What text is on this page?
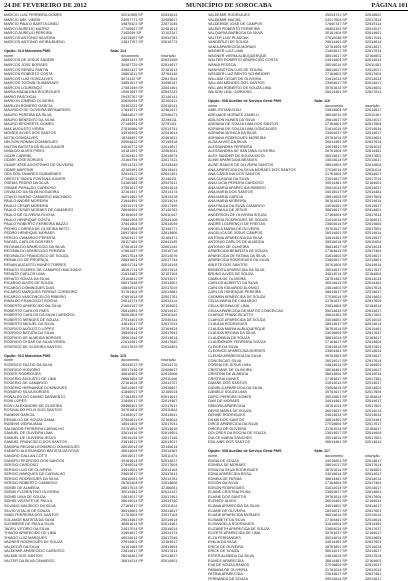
24 DE FEVEREIRO DE 2012	MUNICÍPIO DE SOROCABA	PÁGINA 101
MARCIO LUIZ FERREIRA GOMES	30211965 SP	52634614
MARCIO MEL VIEIRA	24097771 SP	32089817
MARCIO PAULO BARTOLOMEU	19876421 SP	22871045
MARCO AURELIO MATRIZ	17760547 SP	32481614
MARCO AURELIO PEREIRA	7182049 SP	32102147
MARCOS ANTONIO SILVEIRA	24015497 SP	52634781
MARCOS ANTONIO VIEIRA BUENO	13817767 SP	32618774
Opção: 013 Motorista PMS	Sala: 114
nome	documento	inscrição
MARCOS DE JESUS SANDRI	28891447 SP	52631456
MARCOS JOSE BORGES	30467725 SP	52614617
MARCOS RENEU FANTIN	33851437 SP	32161614
MARCOS ROBERTO COSTA	16801611 SP	32764149
MARCOS LUIZ GONCALVES	3074142 SP	32617614
MARCOS TOGNIN GUIMARAES	29851617 SP	32098147
MARCOS LOURENÇO	17081449 SP	32641461
MARIA MADALENA RODRIGUES	19061697 SP	52647223
MARIO PASCHOAL	29432767 SP	32146141
MARLON GIMENO OLIVEIRA	30626494 SP	32100411
MARLON ROMERO GARCIA	39461221 SP	52618141
MAURICIO DE OLIVEIRA BERNARDES	17844071 SP	32461417
MAURO PEREIRA DA SILVA	28844617 SP	32046471
MAURO BENEDITO DA SILVA	26431474 SP	32196111
MAURO RECHERTE GOMES	27146491 SP	32791111
MAX AUGUSTO VIEIRA	27616466 SP	52014741
MOISES ALVES DOS SANTOS	34918443 SP	32041614
MOTA GONÇALVES	18748497 SP	32461611
NELSON ROMAN DOMINGUES	25064612 SP	32198418
NILTON BATISTA DA SILVA JUNIOR	34616771 SP	32014817
NIVALDO ALVES PIRES	34181491 SP	32064041
OAZIR CARRIEL	32164421 SP	32614674
ODAIR JOSE BORGES	24164794 SP	32617411
ODAIR JOSE AGOSTINHO DE OLIVEIRA	29014741 SP	32418449
ODAIR MARTINS	42165491 SP	32616441
ODILSON TAVARES GUIMARAES	32614411 SP	52641491
ORESTE TADEU FONTANA JUNIOR	27144601 SP	32146111
OSEIAS PEDRO DA SILVA	24160184 SP	32047611
OSMAR PERALDO CARDOSO	37691617 SP	52641614
OSVALDO DA SILVA NOGUEIRA	32161447 SP	32014174
OTAVIO BUENO CAMARGO MACHADO	46014461 SP	32614418
PAULO ANDRE MOREIRA	21844491 SP	32614014
PAULO CESAR MOREIRA	34914174 SP	32617499
PAULO CESAR MORAES DE CAMARGO	28048491 SP	32146781
PAULO DE OLIVEIRA ROCHA	32164614 SP	52611447
PAULO HENRIQUE COSTA	25681494 SP	32044106
PAULO ROBERTO FERREIRA BAZZO	37641604 SP	32614049
PEDRO CORREA DE OLIVEIRA NETO	23641464 SP	32146771
PEDRO HENRIQUE MORAES	28917604 SP	32614606
PERCIO CAMARGO PEREIRA	32604417 SP	32184471
RAFAEL CARLOS DOS REIS	28117484 SP	52641149
REGINALDO APARECIDO DA SILVA	37461614 SP	32601144
REGINALDO APARECIDO PEREIRA	17661447 SP	32616718
REGINALDO FRANCISCO DE SOUZA	28017614 SP	32014076
REINALDO DE PROENÇA	26841601 SP	32617744
RENAN AUGUSTO NUNES TORRES	46041744 SP	32614144
RENATO SOARES DE CAMARGO MACHADO	38161714 SP	32617614
RENATO CARLOS LIMA	21614481 SP	32107104
RENATO SOUZA DA SILVA	23164811 SP	52614017
RICARDO ALVES DE SOUZA	28017448 SP	32614901
RICARDO DOMINGUES DIAS	18844911 SP	32017619
RICARDO MARQUES FERRAZ CORDEIRO	31761404 SP	32614881
RICARDO VASCONCELOS RIBEIRO	47691614 SP	32601761
RINALDO FRANCISCO ROCHA	29614774 SP	32614114
ROBERTO APARECIDO DA SILVA	21604147 SP	32164601
ROBERTO CARLOS PAES	26814491 SP	52614410
ROBERTO CARLOS DA SILVA CARDOSO	36061604 SP	32611044
ROBERTO MENDES DE SOUZA	27614401 SP	32046114
ROBERTO MIGUEL DA SILVA	34614017 SP	32617014
RODRIGO AUGUSTO LOPES	29761641 SP	32164614
RODRIGO BATISTA DA SILVA	36840414 SP	32617641
RODRIGO DE ALMEIDA BORGES	38061444 SP	32014614
RODRIGO CESAR DA SILVA VIEIRA	22614461 SP	32617640
RODRIGO DE OLIVEIRA SANTOS	42017619 SP	32614601
Opção: 013 Motorista PMS	Sala: 115
nome	documento	inscrição
RODRIGO FAZZIO DA SILVA	26044017 SP	32614176
RODRIGO HONORIO	39017448 SP	32606617
ROGER RODRIGUES	46616491 SP	52614906
ROGERIO AUGUSTO DE LIMA	28661604 SP	32011446
ROGERIO DE CAMARGO	22161614 SP	32614707
ROGERIO HERNANDE DOMINGUES	36014461 SP	32616847
ROMARIO SILVA BORGES	41846017 SP	32166014
RONALDO DO CARMO SARMENTO	27164491 SP	52614641
RONI LOPES	31846017 SP	32614467
RONY ALEXANDRE DE OLIVEIRA	28466401 SP	32017611
ROSIVALDO FELIX DOS SANTOS	39761604 SP	32611844
RUBENS GARCIA	24164017 SP	32614611
REINALDO DE SOUZA GAMA	37604611 SP	32164614
RUBENS VIEIRA MAIA	18041404 SP	32617041
SALVADOR FERREIRA CARVALHO	24761601 SP	32014616
SAMUEL DE OLIVEIRA LIMA	33614416 SP	52614601
SAMUEL DE OLIVEIRA JESUS	19016144 SP	32617146
SAMUEL FRANCISCO DOS SANTOS	23614611 SP	32614017
SANDRA REGINA LEONARDO DOMINGUES	28016014 SP	32146614
SANDRO ALESSANDRO BATISTA DA ROSA	38614604 SP	32614461
SANDRO DALLAN COTTI	26016017 SP	32611474
SANDRO PEDROSO DOS SANTOS	30164614 SP	52614617
SERGIO CARDOSO	27846014 SP	32017604
SERGIO LUIZ DE OLIVEIRA	34614601 SP	32614164
SERGIO MARQUES DE CARVALHO	29604617 SP	32617614
SERGIO RODRIGUES DA SILVA	35616041 SP	32014761
SERGIO ROBERTO CAMARGO	26761404 SP	32614606
SIDNEI DE ALMEIDA	28617614 SP	32166041
SIDNEI FLORENTINO OLIVEIRA	39014461 SP	52614147
SIDNEI LIMA DE SOUZA	24614017 SP	32617461
SIDNEI VICENTE DE PAULA	38616014 SP	32614740
SILVANO MAURICIO DA SILVA	27164617 SP	32011614
SILVIO VITALIS DE SOUZA	36014601 SP	32614617
SIMEI FERREIRA DOS SANTOS	21761604 SP	32617104
SOLANGE BATISTA DA SILVA	29614461 SP	32014614
SUSIMEIRE DE PAULA SILVA	38061614 SP	52614461
TADEU VITORIO DA SILVA	24617014 SP	32616014
THIAGO APARECIDO DE LIMA	31604617 SP	32614174
THIAGO LUIZ MARQUES	46014614 SP	32617046
VAGNER RODRIGUES DE SOUZA	27614601 SP	32164617
VALDECIR DA SILVA	34161464 SP	32614604
VALDEMIR APARECIDO CARDOSO	23614617 SP	32617614
VALMIR DOS SANTOS	28016461 SP	32014617
VALTER DA SILVA CAMARGO	36614014 SP	52614601
VALDEMIR RODRIGUES	25034731 SP	32618602
VALDEMIR MACIEL	24017604 SP	32017614
VALDERIDE JOSE DE CAMPOS	17660747 SP	32619114
VALDIR ROBERTO FERREIRA	26504191 SP	32614017
VALQUIRIA BARBOSA DA SILVA	30161404 SP	52614601
VALTER LUIZ PLASCAK	27610048 SP	32617044
VANDERLEI DE SOUZA	29614461 SP	32014614
VANIA APARECIDA MORAIS	32761604 SP	32614617
WAGNER LUIZ LIMA	21604617 SP	32617614
WAGNER VIEIRA ALBUQUERQUE	38014617 SP	32164601
WALTER ROBERTO APARECIDO COSTA	24614604 SP	52614614
WANIA PESSOA	28016014 SP	32611461
WASHINGTON LUIS DE SOUSA	36614617 SP	32614017
WENDER LUIZ BENTO SCHNEIDER	27164601 SP	32617604
WILLIAM CESAR DE OLIVEIRA	31614014 SP	32014614
WILLIAN MENDES DOS SANTOS	23604617 SP	52614617
WILLIAN ROBERTO DE SOUZA LIMA	39761614 SP	32614601
WILSON LEAL CARDOSO	26014461 SP	32617614
Opção: 008 Auxiliar de Serviço Geral PMS	Sala: 116
nome	documento	inscrição
ABEL ESTANISLAU	24614604 SP	32614617
ADELAIDE MORAES ZANELLI	38016014 SP	32611461
ADILSON NUNES DA SILVA	26614617 SP	32614017
ADRIANA DE SOUZA LIMA DOS SANTOS	27164601 SP	52617604
ADRIANA DE SOUZA LIMA GONCALVES	31614014 SP	32014614
ADRIANA MONICA DA SILVA	23604617 SP	32614617
ADRIANA RODRIGUES MOREIRA	39761614 SP	32614601
ALDA ALVES DA SILVA	26014461 SP	52617614
ALESSANDRA FERREIRA	34614617 SP	32164014
ALESSANDRA DE SANTANA OLIVEIRA	28761604 SP	32614461
ALEX SANDER DE SOUZA MOTA	36014617 SP	32617601
ALINE APARECIDA MENDES	24614614 SP	32014617
ALINE RAMOS DE OLIVEIRA SANTOS	38614601 SP	52614604
ANA APARECIDA DA SILVA MORAES DOS SANTOS	27016014 SP	32611614
ANA CAROLINA DOS SANTOS	31761604 SP	32614617
ANA CLAUDIA DA SILVA	23614617 SP	32617014
ANA LUCIA PEREIRA CARDOSO	39014461 SP	32164601
ANA MARIA APARECIDA RIBEIRO	26614014 SP	52614617
ANA MARIA DOS SANTOS	34016017 SP	32614461
ANA MARIA GARCIA	28614604 SP	32617604
ANA MARIA MOREIRA	36761614 SP	32014614
ANA PAULA DA SILVA CAMARGO	24016461 SP	32614617
ANA PAULA DE JESUS	38614617 SP	52614601
ANDERSON DE OLIVEIRA SOUZA	27164604 SP	32617614
ANDREIA RODRIGUES DE SOUZA	31614014 SP	32164617
ANDRE LOURENÇO DE FREITAS	23604614 SP	32614604
ANGELA MARIA DE OLIVEIRA	39761617 SP	32617601
ANGELICA DE JESUS CAMPOS	26014601 SP	52014614
ANTONIA APARECIDA DA SILVA	34614461 SP	32614617
ANTONIO CARLOS DE ALMEIDA	28016014 SP	32611604
ANTONIO DE OLIVEIRA	36614617 SP	32614014
APARECIDA BENEDITA DE SOUZA	27164614 SP	32617461
APARECIDA DE FATIMA DA SILVA	31614601 SP	52614617
APARECIDA RODRIGUES DA SILVA	23604617 SP	32014601
ARLETE DOS SANTOS	39761604 SP	32614614
BENEDITA APARECIDA DA SILVA	26014617 SP	32617617
BRUNO ALVES DE SOUZA	34614014 SP	32164604
CAMILA DE OLIVEIRA	28761461 SP	52614014
CARLOS ALBERTO DA SILVA	36014614 SP	32614461
CARLOS EDUARDO ALONSO	24614601 SP	32617614
CARLOS HENRIQUE PEREIRA	38614617 SP	32014617
CARMEN APARECIDA DE SOUZA	27016014 SP	32614601
CELIA MARIA DE CAMARGO	31761617 SP	52617604
CELIA REGINA DE LIMA	23614604 SP	32164614
CELIA APARECIDA DE MATOS CONCEICAO	39014614 SP	32614617
CLARICE FRANCISCATTO	26614461 SP	32617601
CLARICE APARECIDA DE SOUZA	34016601 SP	32014014
CLAUDIA RODRIGUES	28614617 SP	52614614
CLAUDIA MARIA ALBUQUERQUE	36761614 SP	32614461
CLAUDIA REGINA DA SILVA	24016604 SP	32617617
CLAUDINEIA DE SOUZA	38614014 SP	32164617
CLAUDIONOR FERREIRA SOUZA	27164617 SP	32614604
CLEIDE DA SILVA	31614614 SP	52617601
CLEONICE APARECIDA BORGES	23604461 SP	32014614
CLEUSA APARECIDA DA SILVA	39761601 SP	32614617
CONCEICAO SILVA	26014017 SP	32617614
CORINA DE JESUS LIMA	34614614 SP	32164601
CRISTIANE DE OLIVEIRA	28016461 SP	52614617
CRISTINA DE ALMEIDA	36614604 SP	32614014
CRISTINA NUNES	27164617 SP	32617461
DAIANE DOS SANTOS	31614014 SP	32014617
DANIELA APARECIDA DA SILVA	23604614 SP	32614601
DANIELE SOUZA LIMA	39761617 SP	52617604
DARCI PEREIRA GOMES	26014601 SP	32164614
DAVI DE MORAES	34614461 SP	32614617
DEBORA APARECIDA	28761014 SP	32617601
DEISE MARIA DE SOUZA	36014617 SP	32014014
DENISE RODRIGUES	24614614 SP	52614614
DILMA DOS SANTOS	38614461 SP	32614461
DIRCE APARECIDA DA SILVA	27016604 SP	32617617
DIRCEU DE OLIVEIRA	31761014 SP	32164617
DOLORES DA ROCHA DE SOUZA	23614617 SP	32614604
DULCE MARIA SANCHES	39014614 SP	52617601
EDILAINE DOS SANTOS	26614461 SP	32014614
Opção: 008 Auxiliar de Serviço Geral PMS	Sala: 117
nome	documento	inscrição
EDINA DE SOUZA	34016601 SP	32614617
EDINEIA DE MORAES	28614017 SP	32617614
EDNA DA SILVA RODRIGUES	36761614 SP	32164601
EDNA APARECIDA ROSA	24016614 SP	52614617
EDNEIA DE FATIMA	38614461 SP	32614014
EDSON DA SILVA	27164604 SP	32617461
EDSON RODRIGUES	31614014 SP	32014617
ELAINE CRISTINA ROSA	23604617 SP	32614601
ELAINE DOS SANTOS	39761614 SP	52617604
ELENICE ALVES	26014461 SP	32164614
ELIANA APARECIDA DA SILVA	34614601 SP	32614617
ELIANE DE OLIVEIRA	28016017 SP	32617601
ELIANE APARECIDA MORAES	36614614 SP	32014014
ELISABETE DA SILVA	27164461 SP	52614614
ELISANGELA RODRIGUES	31614604 SP	32614461
ELIZABETH APARECIDA DE SOUZA	23604014 SP	32617617
ELIZETE APARECIDA DE LIMA	39761617 SP	32164617
ELZA FERNANDES	26014614 SP	32614604
EMILIA DA SILVA	34614461 SP	52617601
ERICA DE OLIVEIRA	28761601 SP	32014614
ERICK DE SOUZA	36014017 SP	32614617
ESTER ALMEIDA DA SILVA	24614614 SP	32617614
EUNICE APARECIDA	38614461 SP	32164601
EVA DE SOUZA RAMOS	27016604 SP	52614617
FABIANA DE OLIVEIRA	31761014 SP	32614014
FATIMA APARECIDA	23614617 SP	32617461
FERNANDA DE SOUZA	39014614 SP	32014617
